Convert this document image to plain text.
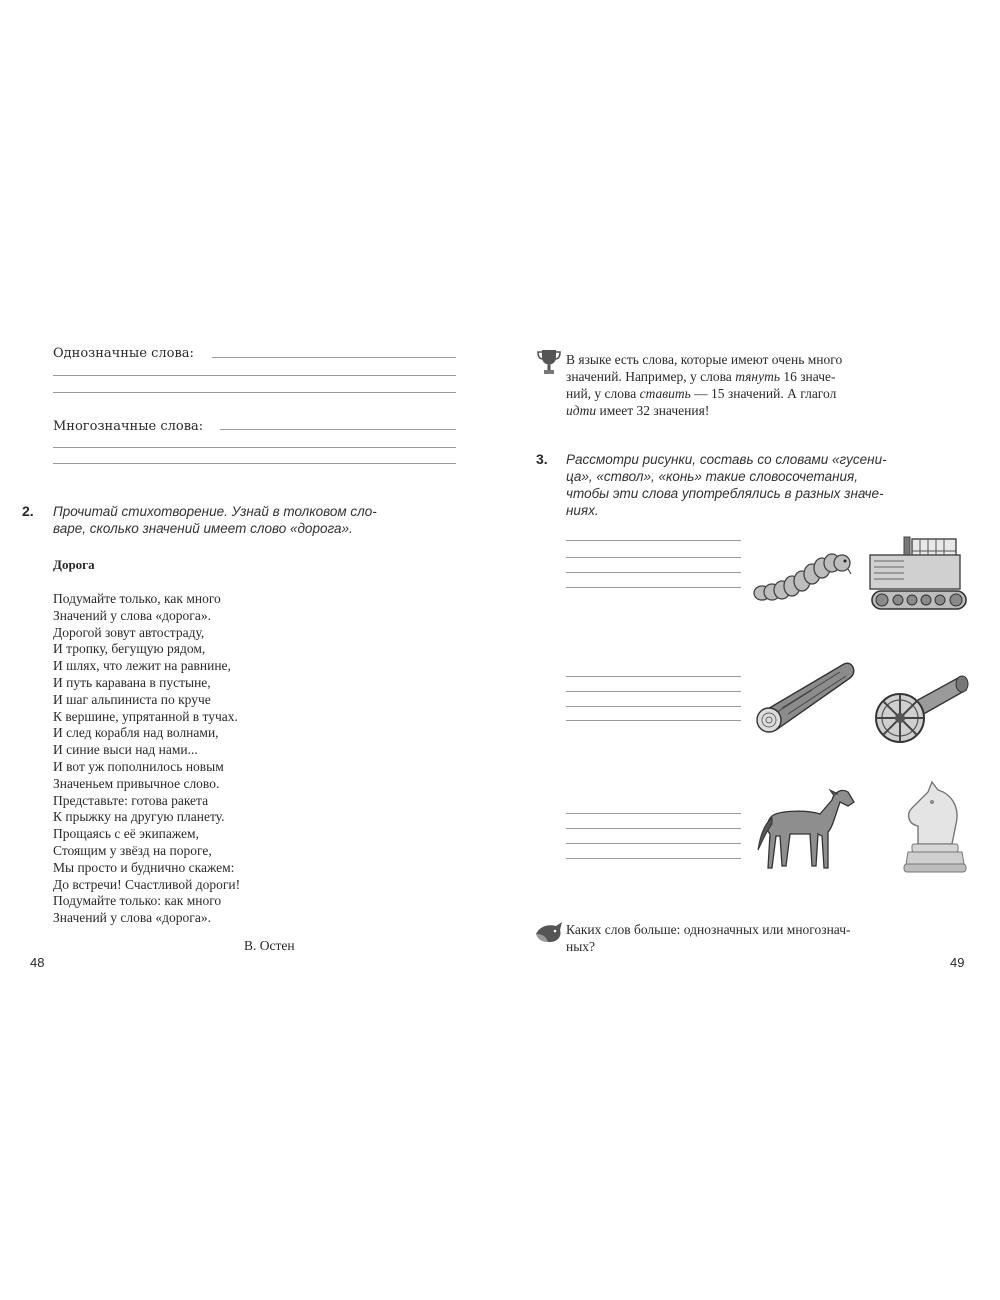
Однозначные слова:
Многозначные слова:
2. Прочитай стихотворение. Узнай в толковом сло-
варе, сколько значений имеет слово «дорога».
Дорога
Подумайте только, как много
Значений у слова «дорога».
Дорогой зовут автостраду,
И тропку, бегущую рядом,
И шлях, что лежит на равнине,
И путь каравана в пустыне,
И шаг альпиниста по круче
К вершине, упрятанной в тучах.
И след корабля над волнами,
И синие выси над нами...
И вот уж пополнилось новым
Значеньем привычное слово.
Представьте: готова ракета
К прыжку на другую планету.
Прощаясь с её экипажем,
Стоящим у звёзд на пороге,
Мы просто и буднично скажем:
До встречи! Счастливой дороги!
Подумайте только: как много
Значений у слова «дорога».
В. Остен
48
В языке есть слова, которые имеют очень много
значений. Например, у слова тянуть 16 значе-
ний, у слова ставить — 15 значений. А глагол
идти имеет 32 значения!
3. Рассмотри рисунки, составь со словами «гусени-
ца», «ствол», «конь» такие словосочетания,
чтобы эти слова употреблялись в разных значе-
ниях.
Каких слов больше: однозначных или многознач-
ных?
49
